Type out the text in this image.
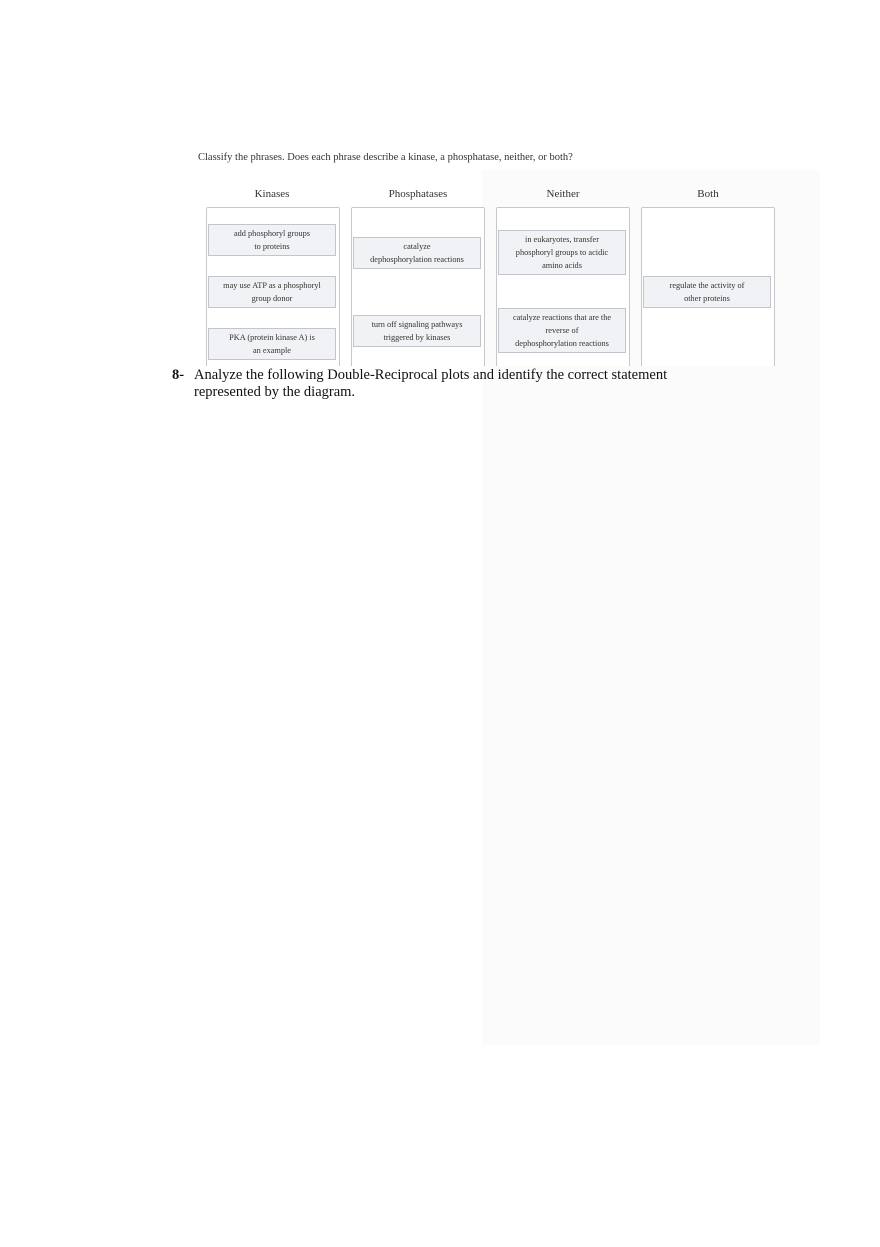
Classify the phrases. Does each phrase describe a kinase, a phosphatase, neither, or both?
Kinases	Phosphatases	Neither	Both
add phosphoryl groups
to proteins
may use ATP as a phosphoryl
group donor
PKA (protein kinase A) is
an example
catalyze
dephosphorylation reactions
turn off signaling pathways
triggered by kinases
in eukaryotes, transfer
phosphoryl groups to acidic
amino acids
catalyze reactions that are the
reverse of
dephosphorylation reactions
regulate the activity of
other proteins
8- Analyze the following Double-Reciprocal plots and identify the correct statement
represented by the diagram.
